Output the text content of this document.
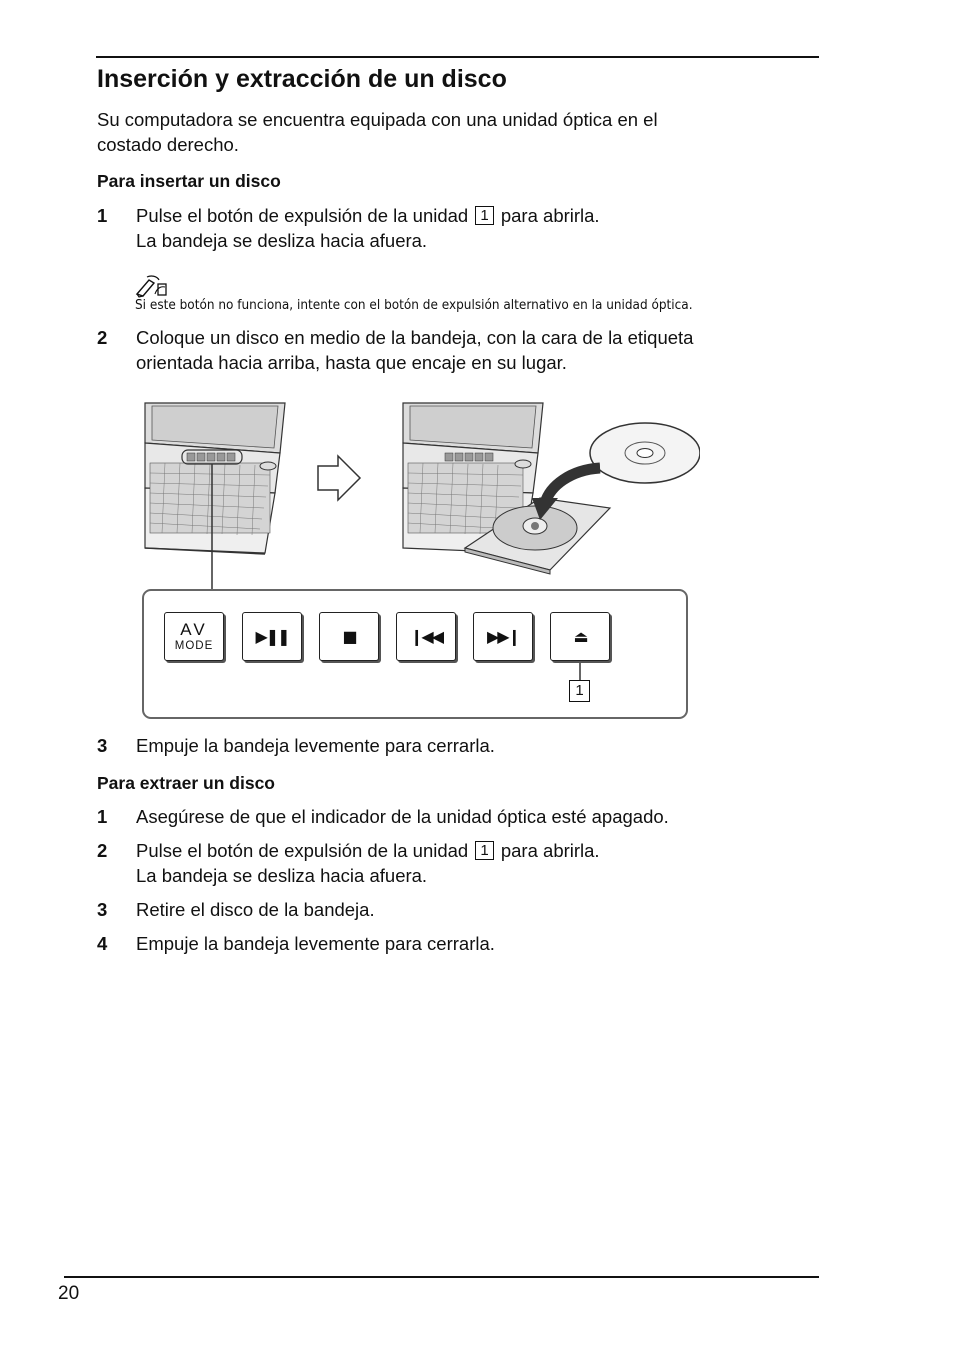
Inserción y extracción de un disco

Su computadora se encuentra equipada con una unidad óptica en el

costado derecho.

Para insertar un disco

1 Pulse el botón de expulsión de la unidad 1 para abrirla.
La bandeja se desliza hacia afuera.
Si este botón no funciona, intente con el botón de expulsión alternativo en la unidad óptica.
2 Coloque un disco en medio de la bandeja, con la cara de la etiqueta
orientada hacia arriba, hasta que encaje en su lugar.
AV
MODE	▶❚❚	■	❙◀◀	▶▶❙	⏏
1
3 Empuje la bandeja levemente para cerrarla.

Para extraer un disco

1 Asegúrese de que el indicador de la unidad óptica esté apagado.
2 Pulse el botón de expulsión de la unidad 1 para abrirla.
La bandeja se desliza hacia afuera.
3 Retire el disco de la bandeja.
4 Empuje la bandeja levemente para cerrarla.
20
